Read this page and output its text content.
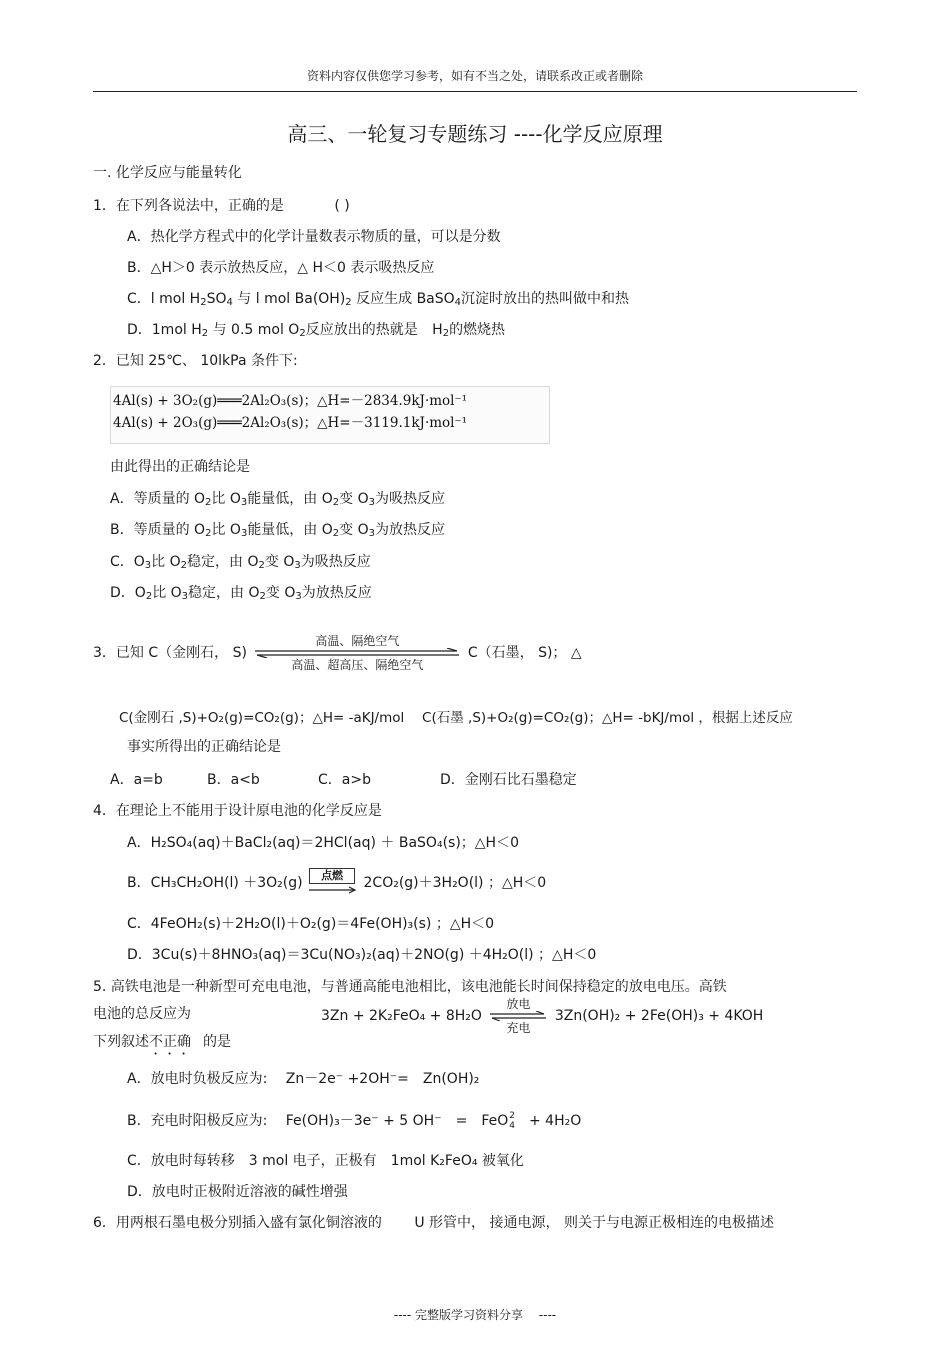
资料内容仅供您学习参考，如有不当之处，请联系改正或者删除
高三、一轮复习专题练习 ----化学反应原理
一. 化学反应与能量转化
1．在下列各说法中，正确的是	( )
A．热化学方程式中的化学计量数表示物质的量，可以是分数
B．△H＞0 表示放热反应，△ H＜0 表示吸热反应
C．l mol $H_2SO_4$ 与 l mol $Ba(OH)_2$ 反应生成 BaSO$_4$沉淀时放出的热叫做中和热
D．1mol $H_2$ 与 0.5 mol $O_2$反应放出的热就是 $H_2$的燃烧热
2．已知 25℃、 10lkPa 条件下:
4Al(s) + 3O₂(g)═══2Al₂O₃(s)；△H=－2834.9kJ·mol⁻¹
4Al(s) + 2O₃(g)═══2Al₂O₃(s)；△H=－3119.1kJ·mol⁻¹
由此得出的正确结论是
A．等质量的 $O_2$比 $O_3$能量低，由 $O_2$变 $O_3$为吸热反应
B．等质量的 $O_2$比 $O_3$能量低，由 $O_2$变 $O_3$为放热反应
C．$O_3$比 $O_2$稳定，由 $O_2$变 $O_3$为吸热反应
D．$O_2$比 $O_3$稳定，由 $O_2$变 $O_3$为放热反应
3．已知 C（金刚石， S)
高温、隔绝空气
高温、超高压、隔绝空气
C（石墨， S)； △
C(金刚石 ,S)+O₂(g)=CO₂(g)；△H= -aKJ/mol　 C(石墨 ,S)+O₂(g)=CO₂(g)；△H= -bKJ/mol ，根据上述反应
事实所得出的正确结论是
A．a=b	B．a<b	C．a>b	D．金刚石比石墨稳定
4．在理论上不能用于设计原电池的化学反应是
A．H₂SO₄(aq)＋BaCl₂(aq)＝2HCl(aq) ＋ BaSO₄(s)；△H＜0
B．CH₃CH₂OH(l) ＋3O₂(g)	点燃	2CO₂(g)＋3H₂O(l) ；△H＜0
C．4FeOH₂(s)＋2H₂O(l)＋O₂(g)＝4Fe(OH)₃(s) ；△H＜0
D．3Cu(s)＋8HNO₃(aq)＝3Cu(NO₃)₂(aq)＋2NO(g) ＋4H₂O(l) ；△H＜0
5. 高铁电池是一种新型可充电电池，与普通高能电池相比，该电池能长时间保持稳定的放电电压。高铁
电池的总反应为	3Zn + 2K₂FeO₄ + 8H₂O
放电
充电
3Zn(OH)₂ + 2Fe(OH)₃ + 4KOH
下列叙述不正确 的是
A．放电时负极反应为:　 Zn－2e⁻ +2OH⁻=　Zn(OH)₂
B．充电时阳极反应为:　 Fe(OH)₃－3e⁻ + 5 OH⁻　=　FeO 2
4 　+ 4H₂O
C．放电时每转移　3 mol 电子，正极有　1mol K₂FeO₄ 被氧化
D．放电时正极附近溶液的碱性增强
6．用两根石墨电极分别插入盛有氯化铜溶液的　　 U 形管中， 接通电源， 则关于与电源正极相连的电极描述
---- 完整版学习资料分享　 ----
